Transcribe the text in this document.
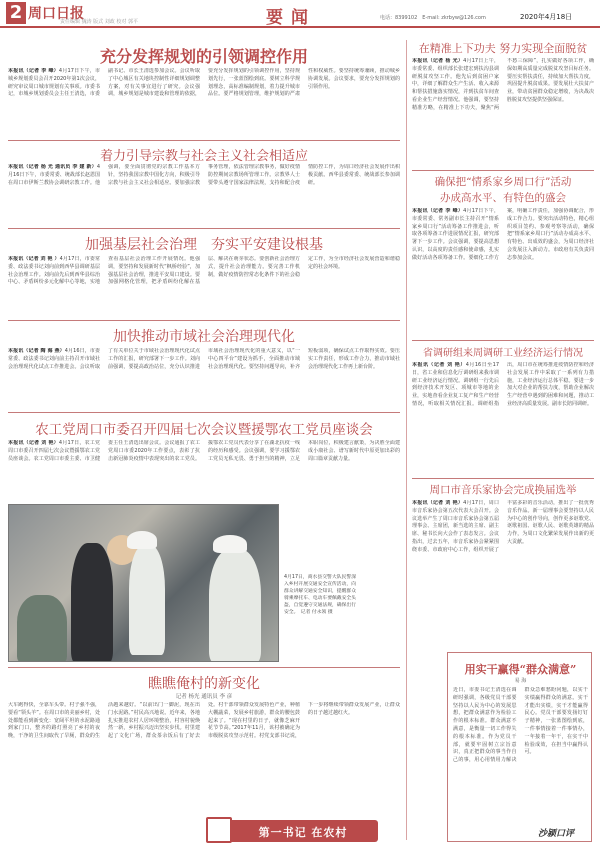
2 周口日报
责任编辑 魏涛 版式 刘政 校对 郭平	要闻	电话：8399102　E-mail: zkrbyw@126.com	2020年4月18日
充分发挥规划的引领调控作用
本报讯（记者 李 峰）4月17日下午，市城乡规划委员会召开2020年第1次会议，研究审议周口城市规划有关事项。市委书记，市城乡规划委员会主任王清选，市委副书记、市长王清选参加会议。会议听取了中心城区有关地块控制性详细规划调整方案，对有关事宜进行了研究。会议强调，城乡规划是城市建设和管理的依据，要充分发挥规划的引领调控作用，坚持规划先行，一张蓝图绘到底。要树立科学规划理念，高标准编制规划，着力提升城市品位。要严格规划管理，维护规划的严肃性和权威性。要坚持统筹兼顾，推动城乡协调发展。会议要求，要充分发挥规划的引领作用。
着力引导宗教与社会主义社会相适应
本报讯（记者 杨 光 通讯员 李 建 新）4月16日下午，市委常委、统战部长赵恩国在周口市伊斯兰教协会调研宗教工作。他强调，要全面贯彻党的宗教工作基本方针，坚持我国宗教中国化方向，积极引导宗教与社会主义社会相适应。要加强宗教事务管理，依法管理宗教事务，做好疫情防控期间宗教场所管理工作。宗教界人士要带头遵守国家法律法规，支持和配合疫情防控工作，为周口经济社会发展作出积极贡献。西华县委常委、统战部长参加调研。
加强基层社会治理　夯实平安建设根基
本报讯（记者 刘 艳 ）4月17日，市委常委、政法委书记刘向前到西华县调研基层社会治理工作。刘向前先后到西华县综治中心、矛盾纠纷多元化解中心等地，实地查看基层社会治理工作开展情况。他强调，要坚持和发展新时代“枫桥经验”，加强基层社会治理，推进平安周口建设。要加强网格化管理，把矛盾纠纷化解在基层、解决在萌芽状态。要创新社会治理方式，提升社会治理能力。要完善工作机制，做好疫情防控常态化条件下的社会稳定工作，为全市经济社会发展营造和谐稳定的社会环境。
加快推动市域社会治理现代化
本报讯（记者 陶 海 燕）4月16日，市委常委、政法委书记刘向前主持召开市域社会治理现代化试点工作推进会。会议听取了有关单位关于市域社会治理现代化试点工作的汇报，研究部署下一步工作。刘向前强调，要提高政治站位，充分认识推进市域社会治理现代化的重大意义，以“一中心四平台”建设为抓手，全面推动市域社会治理现代化。要坚持问题导向，补齐短板弱项，确保试点工作取得实效。要压实工作责任，形成工作合力，推动市域社会治理现代化工作再上新台阶。
农工党周口市委召开四届七次会议暨援鄂农工党员座谈会
本报讯（记者 刘 艳）4月17日，农工党周口市委召开四届七次会议暨援鄂农工党员座谈会。农工党周口市委主委、市卫健委主任王清选出席会议。会议通报了农工党周口市委2020年工作要点，表彰了抗击新冠肺炎疫情中表现突出的农工党员。援鄂农工党员代表分享了在湖北抗疫一线的经历和感受。会议强调，要学习援鄂农工党员无私无畏、勇于担当的精神，立足本职岗位，积极建言献策，为决胜全面建成小康社会、谱写新时代中原更加出彩的周口篇章贡献力量。
4月17日，商水县交警大队民警深入乡村开展交通安全宣传活动，向群众讲解交通安全知识，提醒群众骑乘摩托车、电动车要佩戴安全头盔，自觉遵守交通法规，确保出行安全。　记者 付永领 摄
瞧瞧俺村的新变化
记者 杨光 通讯员 李 彦
大车跑得快，全靠车头带。村子强不强，要看“领头羊”。在周口市的美丽乡村，处处都能看到新变化：宽阔平坦的水泥路通到家门口，整齐的路灯照亮了乡村的夜晚，干净的卫生间取代了旱厕，群众的生活越来越好。“以前出门一脚泥，现在出门水泥路。”村民高兴地说。近年来，各地扎实推进农村人居环境整治，村容村貌焕然一新，乡村振兴迈出坚实步伐。村里建起了文化广场，群众茶余饭后有了好去处。村干部带领群众发展特色产业，种植大棚蔬菜，发展乡村旅游，群众的腰包鼓起来了。“现在村里的日子，就像芝麻开花节节高。”2017年11月，该村被确定为市级脱贫攻坚示范村。村党支部书记说，下一步将继续带领群众发展产业，让群众的日子越过越红火。
第一书记 在农村
在精准上下功夫 努力实现全面脱贫
本报讯（记者 杨 光）4月17日上午，市委常委、组织部长张建宏到扶沟县调研脱贫攻坚工作。他先后到贫困户家中，详细了解群众生产生活、收入来源和帮扶措施落实情况，并到扶贫车间查看企业生产经营情况。他强调，要坚持精准方略，在精准上下功夫，聚焦“两不愁三保障”，扎实做好各项工作，确保如期高质量完成脱贫攻坚目标任务。要压实帮扶责任，持续加大帮扶力度，巩固提升脱贫成果。要发展壮大扶贫产业，带动贫困群众稳定增收，为决战决胜脱贫攻坚提供坚强保证。
确保把“情系家乡周口行”活动
办成高水平、有特色的盛会
本报讯（记者 李 峰）4月17日下午，市委常委、常务副市长主持召开“情系家乡周口行”活动筹备工作推进会，听取各项筹备工作进展情况汇报，研究部署下一步工作。会议强调，要提高思想认识，以高度的责任感和使命感，扎实做好活动各项筹备工作。要细化工作方案，明确工作责任，加强协调配合，形成工作合力。要突出活动特色，精心组织项目签约、参观考察等活动，确保把“情系家乡周口行”活动办成高水平、有特色、出成效的盛会，为周口经济社会发展注入新动力。市政府有关负责同志参加会议。
省调研组来周调研工业经济运行情况
本报讯（记者 刘 艳）4月16日至17日，省工业和信息化厅调研组来我市调研工业经济运行情况。调研组一行先后到经济技术开发区、项城市等地的企业，实地查看企业复工复产和生产经营情况，听取相关情况汇报。调研组指出，周口市在统筹推进疫情防控和经济社会发展工作中采取了一系列有力措施，工业经济运行总体平稳。要进一步加大对企业的帮扶力度，帮助企业解决生产经营中遇到的困难和问题，推动工业经济高质量发展。副市长陪同调研。
周口市音乐家协会完成换届选举
本报讯（记者 刘 艳）4月17日，周口市音乐家协会第五次代表大会召开。会议选举产生了周口市音乐家协会第五届理事会、主席团，新当选的主席、副主席、秘书长向大会作了表态发言。会议指出，过去五年，市音乐家协会紧紧围绕市委、市政府中心工作，组织开展了丰富多彩的音乐活动，推出了一批优秀音乐作品。新一届理事会要坚持以人民为中心的创作导向，创作更多讴歌党、讴歌祖国、讴歌人民、讴歌英雄的精品力作，为周口文化繁荣发展作出新的更大贡献。
用实干赢得“群众满意”
易 海
近日，市委书记王清选在调研时强调，各级党员干部要坚持以人民为中心的发展思想，把群众满意作为检验工作的根本标准。群众满意不满意，是衡量一切工作得失的根本标准。作为党员干部，就要牢固树立宗旨意识，真正把群众的事当作自己的事，用心用情用力解决群众急难愁盼问题，以实干实绩赢得群众的满意。实干才能出实绩，实干才能赢得民心。党员干部要发扬钉钉子精神，一张蓝图绘到底，一件事情接着一件事情办，一年接着一年干，在实干中检验成效，在担当中赢得认可。
沙颍口评
